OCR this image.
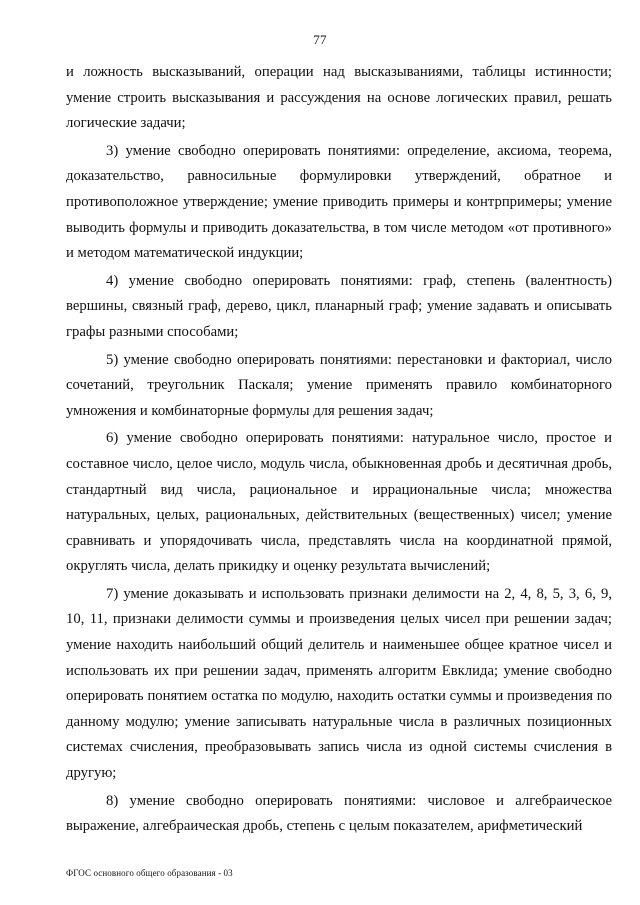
77

и ложность высказываний, операции над высказываниями, таблицы истинности; умение строить высказывания и рассуждения на основе логических правил, решать логические задачи;

3) умение свободно оперировать понятиями: определение, аксиома, теорема, доказательство, равносильные формулировки утверждений, обратное и противоположное утверждение; умение приводить примеры и контрпримеры; умение выводить формулы и приводить доказательства, в том числе методом «от противного» и методом математической индукции;

4) умение свободно оперировать понятиями: граф, степень (валентность) вершины, связный граф, дерево, цикл, планарный граф; умение задавать и описывать графы разными способами;

5) умение свободно оперировать понятиями: перестановки и факториал, число сочетаний, треугольник Паскаля; умение применять правило комбинаторного умножения и комбинаторные формулы для решения задач;

6) умение свободно оперировать понятиями: натуральное число, простое и составное число, целое число, модуль числа, обыкновенная дробь и десятичная дробь, стандартный вид числа, рациональное и иррациональные числа; множества натуральных, целых, рациональных, действительных (вещественных) чисел; умение сравнивать и упорядочивать числа, представлять числа на координатной прямой, округлять числа, делать прикидку и оценку результата вычислений;

7) умение доказывать и использовать признаки делимости на 2, 4, 8, 5, 3, 6, 9, 10, 11, признаки делимости суммы и произведения целых чисел при решении задач; умение находить наибольший общий делитель и наименьшее общее кратное чисел и использовать их при решении задач, применять алгоритм Евклида; умение свободно оперировать понятием остатка по модулю, находить остатки суммы и произведения по данному модулю; умение записывать натуральные числа в различных позиционных системах счисления, преобразовывать запись числа из одной системы счисления в другую;

8) умение свободно оперировать понятиями: числовое и алгебраическое выражение, алгебраическая дробь, степень с целым показателем, арифметический

ФГОС основного общего образования - 03
